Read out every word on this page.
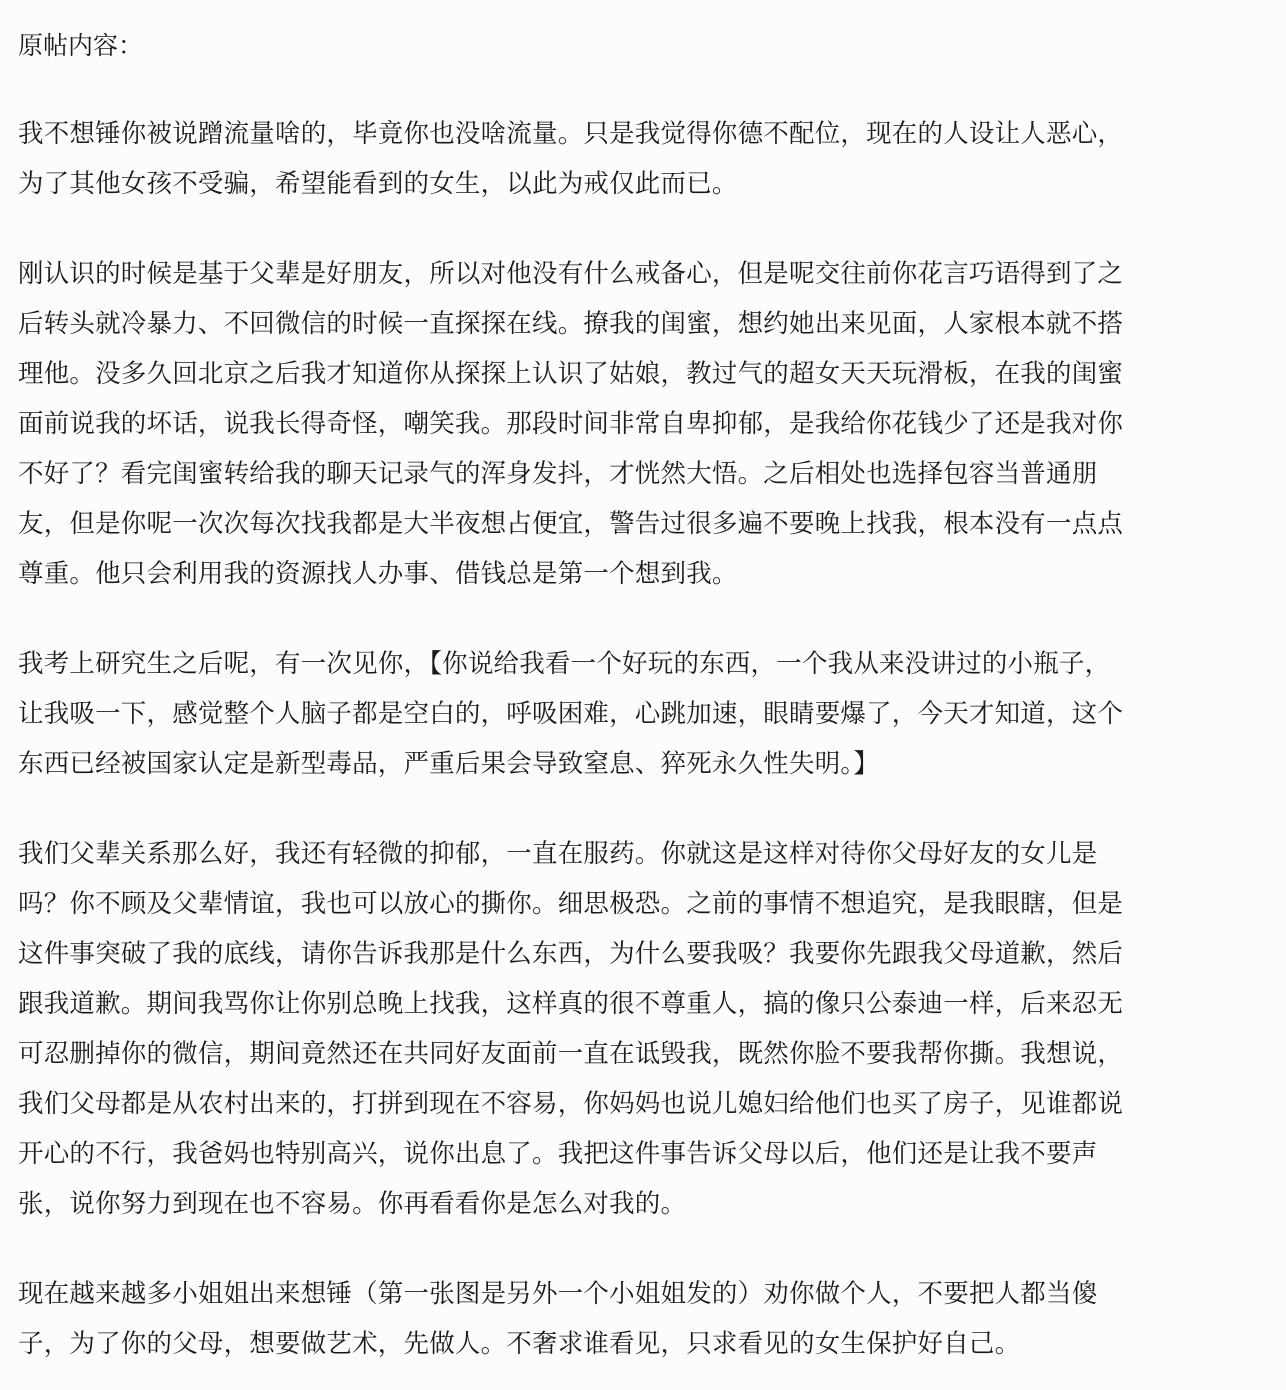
原帖内容：
我不想锤你被说蹭流量啥的，毕竟你也没啥流量。只是我觉得你德不配位，现在的人设让人恶心，
为了其他女孩不受骗，希望能看到的女生，以此为戒仅此而已。
刚认识的时候是基于父辈是好朋友，所以对他没有什么戒备心，但是呢交往前你花言巧语得到了之
后转头就冷暴力、不回微信的时候一直探探在线。撩我的闺蜜，想约她出来见面，人家根本就不搭
理他。没多久回北京之后我才知道你从探探上认识了姑娘，教过气的超女天天玩滑板，在我的闺蜜
面前说我的坏话，说我长得奇怪，嘲笑我。那段时间非常自卑抑郁，是我给你花钱少了还是我对你
不好了？看完闺蜜转给我的聊天记录气的浑身发抖，才恍然大悟。之后相处也选择包容当普通朋
友，但是你呢一次次每次找我都是大半夜想占便宜，警告过很多遍不要晚上找我，根本没有一点点
尊重。他只会利用我的资源找人办事、借钱总是第一个想到我。
我考上研究生之后呢，有一次见你，【你说给我看一个好玩的东西，一个我从来没讲过的小瓶子，
让我吸一下，感觉整个人脑子都是空白的，呼吸困难，心跳加速，眼睛要爆了，今天才知道，这个
东西已经被国家认定是新型毒品，严重后果会导致窒息、猝死永久性失明。】
我们父辈关系那么好，我还有轻微的抑郁，一直在服药。你就这是这样对待你父母好友的女儿是
吗？你不顾及父辈情谊，我也可以放心的撕你。细思极恐。之前的事情不想追究，是我眼瞎，但是
这件事突破了我的底线，请你告诉我那是什么东西，为什么要我吸？我要你先跟我父母道歉，然后
跟我道歉。期间我骂你让你别总晚上找我，这样真的很不尊重人，搞的像只公泰迪一样，后来忍无
可忍删掉你的微信，期间竟然还在共同好友面前一直在诋毁我，既然你脸不要我帮你撕。我想说，
我们父母都是从农村出来的，打拼到现在不容易，你妈妈也说儿媳妇给他们也买了房子，见谁都说
开心的不行，我爸妈也特别高兴，说你出息了。我把这件事告诉父母以后，他们还是让我不要声
张，说你努力到现在也不容易。你再看看你是怎么对我的。
现在越来越多小姐姐出来想锤（第一张图是另外一个小姐姐发的）劝你做个人，不要把人都当傻
子，为了你的父母，想要做艺术，先做人。不奢求谁看见，只求看见的女生保护好自己。
